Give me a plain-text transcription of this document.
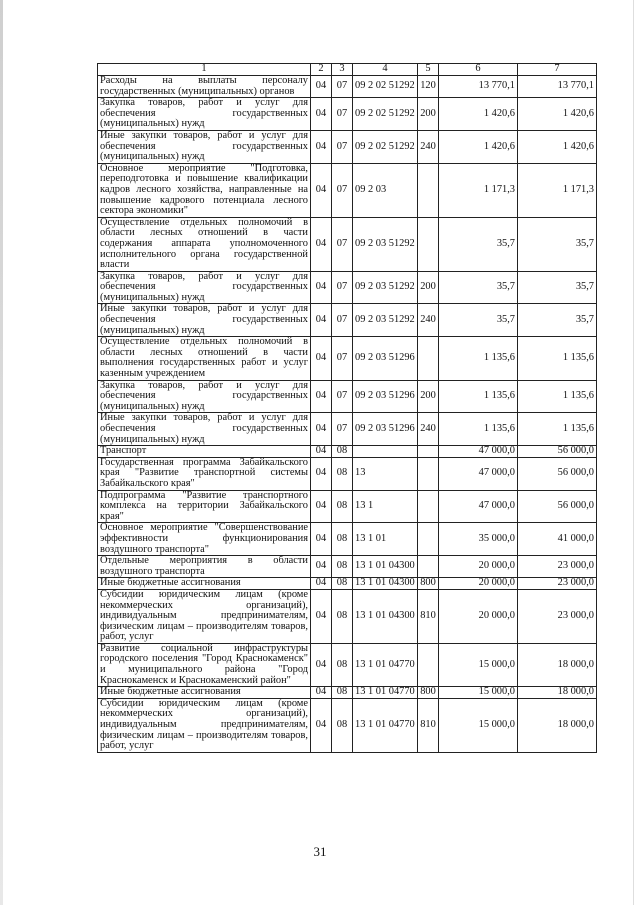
1	2	3	4	5	6	7
Расходы на выплаты персоналу государственных (муниципальных) органов	04	07	09 2 02 51292	120	13 770,1	13 770,1
Закупка товаров, работ и услуг для обеспечения государственных (муниципальных) нужд	04	07	09 2 02 51292	200	1 420,6	1 420,6
Иные закупки товаров, работ и услуг для обеспечения государственных (муниципальных) нужд	04	07	09 2 02 51292	240	1 420,6	1 420,6
Основное мероприятие "Подготовка, переподготовка и повышение квалификации кадров лесного хозяйства, направленные на повышение кадрового потенциала лесного сектора экономики"	04	07	09 2 03		1 171,3	1 171,3
Осуществление отдельных полномочий в области лесных отношений в части содержания аппарата уполномоченного исполнительного органа государственной власти	04	07	09 2 03 51292		35,7	35,7
Закупка товаров, работ и услуг для обеспечения государственных (муниципальных) нужд	04	07	09 2 03 51292	200	35,7	35,7
Иные закупки товаров, работ и услуг для обеспечения государственных (муниципальных) нужд	04	07	09 2 03 51292	240	35,7	35,7
Осуществление отдельных полномочий в области лесных отношений в части выполнения государственных работ и услуг казенным учреждением	04	07	09 2 03 51296		1 135,6	1 135,6
Закупка товаров, работ и услуг для обеспечения государственных (муниципальных) нужд	04	07	09 2 03 51296	200	1 135,6	1 135,6
Иные закупки товаров, работ и услуг для обеспечения государственных (муниципальных) нужд	04	07	09 2 03 51296	240	1 135,6	1 135,6
Транспорт	04	08			47 000,0	56 000,0
Государственная программа Забайкальского края "Развитие транспортной системы Забайкальского края"	04	08	13		47 000,0	56 000,0
Подпрограмма "Развитие транспортного комплекса на территории Забайкальского края"	04	08	13 1		47 000,0	56 000,0
Основное мероприятие "Совершенствование эффективности функционирования воздушного транспорта"	04	08	13 1 01		35 000,0	41 000,0
Отдельные мероприятия в области воздушного транспорта	04	08	13 1 01 04300		20 000,0	23 000,0
Иные бюджетные ассигнования	04	08	13 1 01 04300	800	20 000,0	23 000,0
Субсидии юридическим лицам (кроме некоммерческих организаций), индивидуальным предпринимателям, физическим лицам – производителям товаров, работ, услуг	04	08	13 1 01 04300	810	20 000,0	23 000,0
Развитие социальной инфраструктуры городского поселения "Город Краснокаменск" и муниципального района "Город Краснокаменск и Краснокаменский район"	04	08	13 1 01 04770		15 000,0	18 000,0
Иные бюджетные ассигнования	04	08	13 1 01 04770	800	15 000,0	18 000,0
Субсидии юридическим лицам (кроме некоммерческих организаций), индивидуальным предпринимателям, физическим лицам – производителям товаров, работ, услуг	04	08	13 1 01 04770	810	15 000,0	18 000,0
31
